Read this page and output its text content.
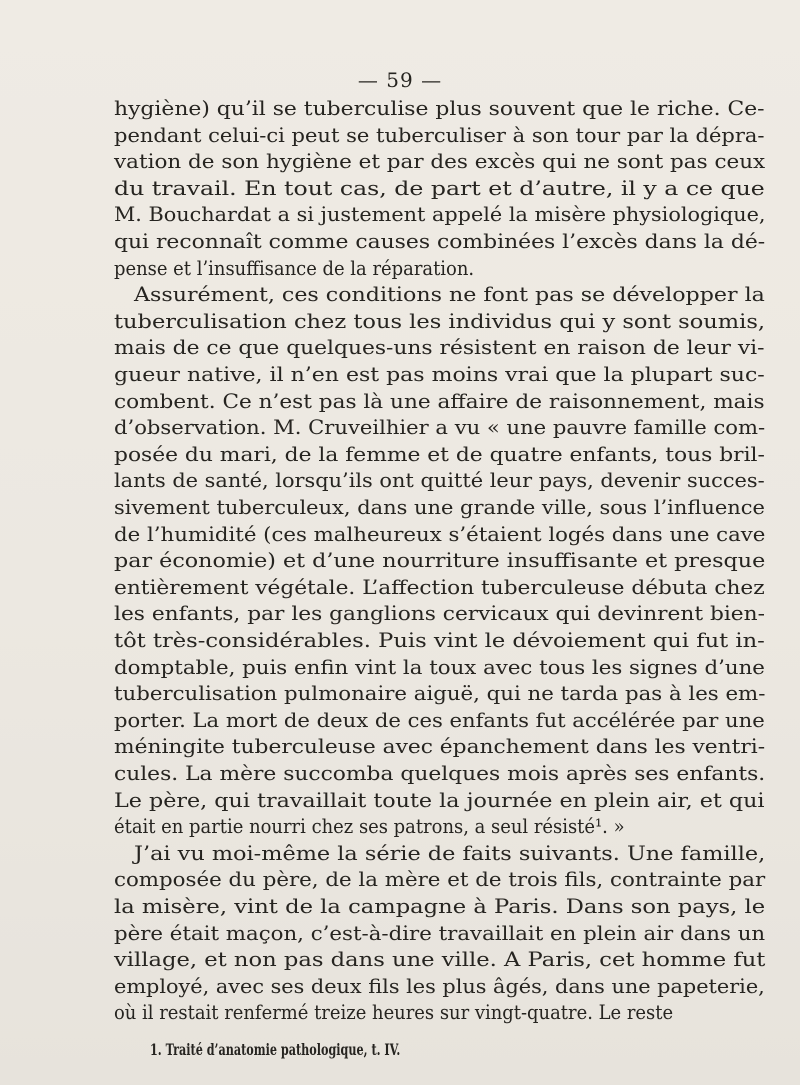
— 59 —
hygiène) qu’il se tuberculise plus souvent que le riche. Ce-
pendant celui-ci peut se tuberculiser à son tour par la dépra-
vation de son hygiène et par des excès qui ne sont pas ceux
du travail. En tout cas, de part et d’autre, il y a ce que
M. Bouchardat a si justement appelé la misère physiologique,
qui reconnaît comme causes combinées l’excès dans la dé-
pense et l’insuffisance de la réparation.
Assurément, ces conditions ne font pas se développer la
tuberculisation chez tous les individus qui y sont soumis,
mais de ce que quelques-uns résistent en raison de leur vi-
gueur native, il n’en est pas moins vrai que la plupart suc-
combent. Ce n’est pas là une affaire de raisonnement, mais
d’observation. M. Cruveilhier a vu « une pauvre famille com-
posée du mari, de la femme et de quatre enfants, tous bril-
lants de santé, lorsqu’ils ont quitté leur pays, devenir succes-
sivement tuberculeux, dans une grande ville, sous l’influence
de l’humidité (ces malheureux s’étaient logés dans une cave
par économie) et d’une nourriture insuffisante et presque
entièrement végétale. L’affection tuberculeuse débuta chez
les enfants, par les ganglions cervicaux qui devinrent bien-
tôt très-considérables. Puis vint le dévoiement qui fut in-
domptable, puis enfin vint la toux avec tous les signes d’une
tuberculisation pulmonaire aiguë, qui ne tarda pas à les em-
porter. La mort de deux de ces enfants fut accélérée par une
méningite tuberculeuse avec épanchement dans les ventri-
cules. La mère succomba quelques mois après ses enfants.
Le père, qui travaillait toute la journée en plein air, et qui
était en partie nourri chez ses patrons, a seul résisté¹. »
J’ai vu moi-même la série de faits suivants. Une famille,
composée du père, de la mère et de trois fils, contrainte par
la misère, vint de la campagne à Paris. Dans son pays, le
père était maçon, c’est-à-dire travaillait en plein air dans un
village, et non pas dans une ville. A Paris, cet homme fut
employé, avec ses deux fils les plus âgés, dans une papeterie,
où il restait renfermé treize heures sur vingt-quatre. Le reste
1. Traité d’anatomie pathologique, t. IV.
